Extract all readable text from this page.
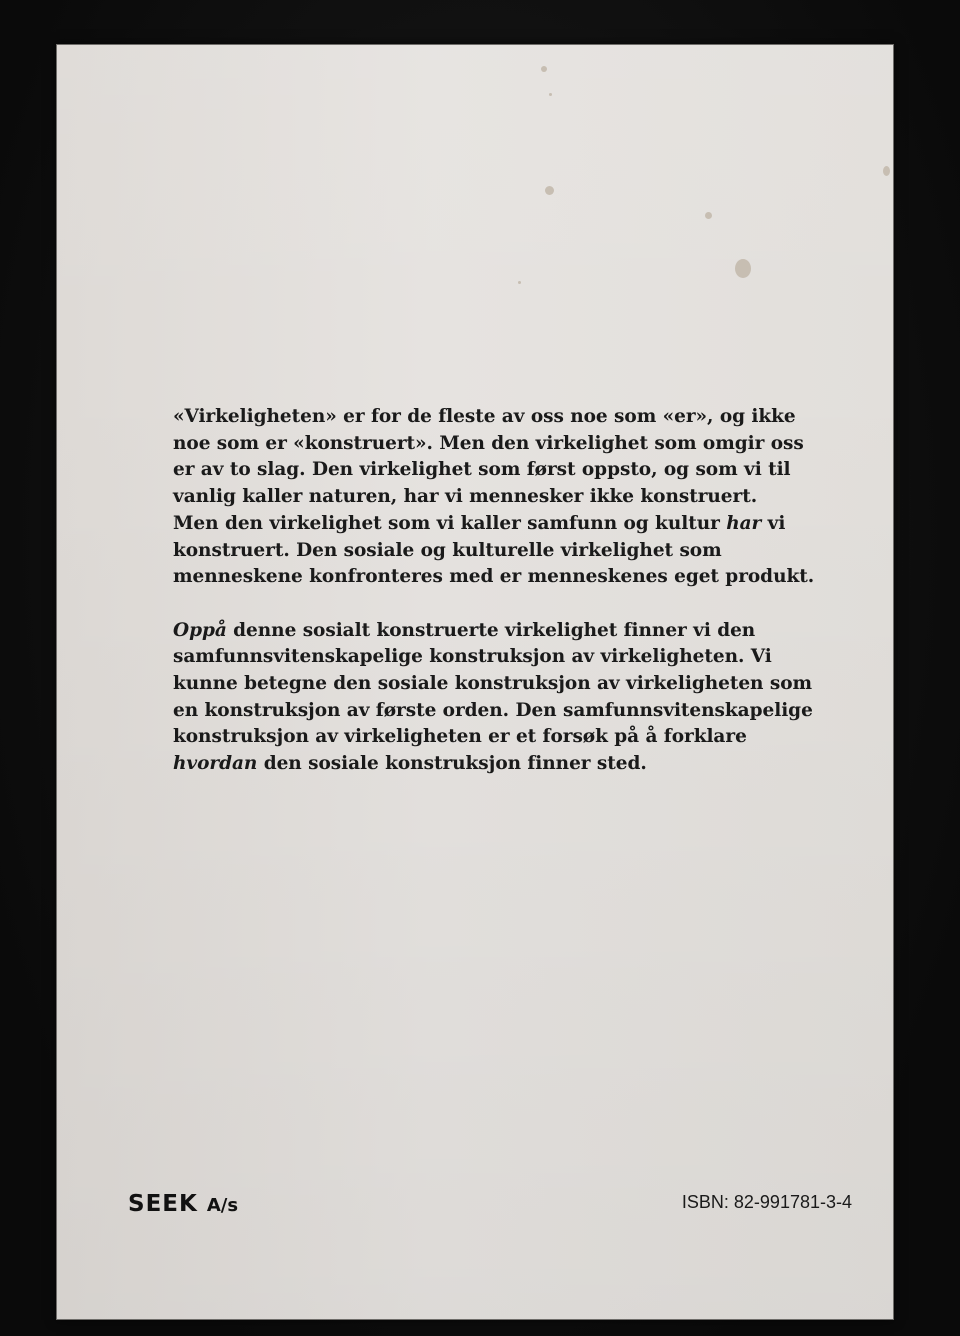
«Virkeligheten» er for de fleste av oss noe som «er», og ikke
noe som er «konstruert». Men den virkelighet som omgir oss
er av to slag. Den virkelighet som først oppsto, og som vi til
vanlig kaller naturen, har vi mennesker ikke konstruert.
Men den virkelighet som vi kaller samfunn og kultur har vi
konstruert. Den sosiale og kulturelle virkelighet som
menneskene konfronteres med er menneskenes eget produkt.

Oppå denne sosialt konstruerte virkelighet finner vi den
samfunnsvitenskapelige konstruksjon av virkeligheten. Vi
kunne betegne den sosiale konstruksjon av virkeligheten som
en konstruksjon av første orden. Den samfunnsvitenskapelige
konstruksjon av virkeligheten er et forsøk på å forklare
hvordan den sosiale konstruksjon finner sted.

SEEK A/s	ISBN: 82-991781-3-4
